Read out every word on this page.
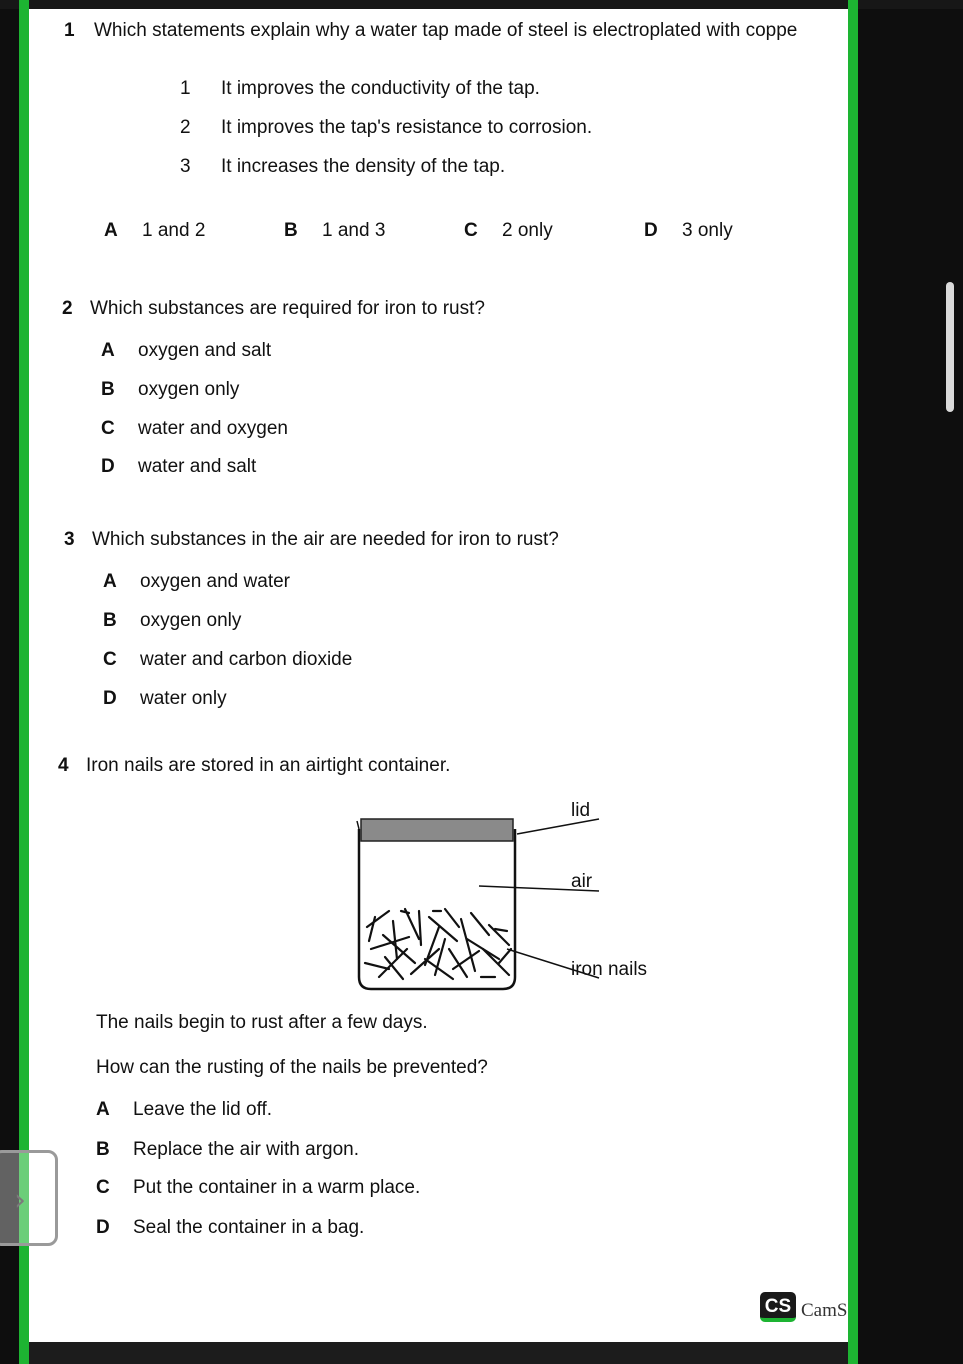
1 Which statements explain why a water tap made of steel is electroplated with coppe
1 It improves the conductivity of the tap.
2 It improves the tap's resistance to corrosion.
3 It increases the density of the tap.
A 1 and 2	B 1 and 3	C 2 only	D 3 only
2 Which substances are required for iron to rust?
A oxygen and salt
B oxygen only
C water and oxygen
D water and salt
3 Which substances in the air are needed for iron to rust?
A oxygen and water
B oxygen only
C water and carbon dioxide
D water only
4 Iron nails are stored in an airtight container.
lid
air
iron nails
The nails begin to rust after a few days.
How can the rusting of the nails be prevented?
A Leave the lid off.
B Replace the air with argon.
C Put the container in a warm place.
D Seal the container in a bag.
›
CS CamS
